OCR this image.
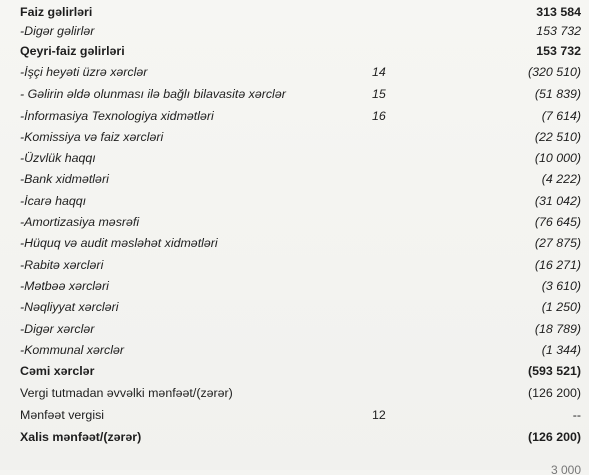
Faiz gəlirləri	313 584
-Digər gəlirlər	153 732
Qeyri-faiz gəlirləri	153 732
-İşçi heyəti üzrə xərclər	14	(320 510)
- Gəlirin əldə olunması ilə bağlı bilavasitə xərclər	15	(51 839)
-İnformasiya Texnologiya xidmətləri	16	(7 614)
-Komissiya və faiz xərcləri	(22 510)
-Üzvlük haqqı	(10 000)
-Bank xidmətləri	(4 222)
-İcarə haqqı	(31 042)
-Amortizasiya məsrəfi	(76 645)
-Hüquq və audit məsləhət xidmətləri	(27 875)
-Rabitə xərcləri	(16 271)
-Mətbəə xərcləri	(3 610)
-Nəqliyyat xərcləri	(1 250)
-Digər xərclər	(18 789)
-Kommunal xərclər	(1 344)
Cəmi xərclər	(593 521)
Vergi tutmadan əvvəlki mənfəət/(zərər)	(126 200)
Mənfəət vergisi	12	--
Xalis mənfəət/(zərər)	(126 200)
3 000
